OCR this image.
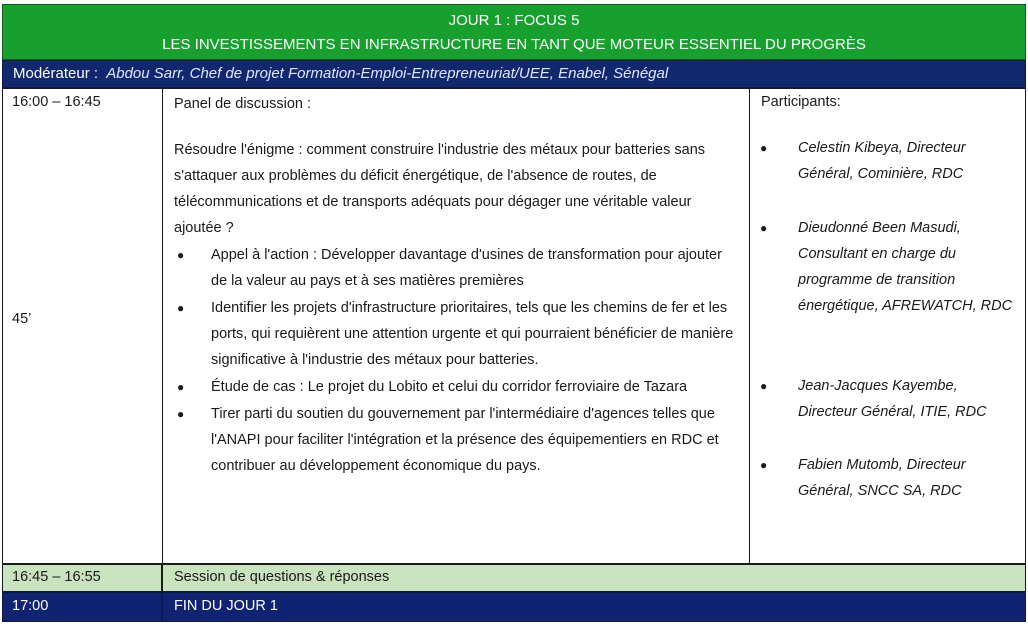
JOUR 1 : FOCUS 5
LES INVESTISSEMENTS EN INFRASTRUCTURE EN TANT QUE MOTEUR ESSENTIEL DU PROGRÈS
Modérateur : Abdou Sarr, Chef de projet Formation-Emploi-Entrepreneuriat/UEE, Enabel, Sénégal
16:00 – 16:45
45’

Panel de discussion :

Résoudre l'énigme : comment construire l'industrie des métaux pour batteries sans s'attaquer aux problèmes du déficit énergétique, de l'absence de routes, de télécommunications et de transports adéquats pour dégager une véritable valeur ajoutée ?

● Appel à l'action : Développer davantage d'usines de transformation pour ajouter de la valeur au pays et à ses matières premières
● Identifier les projets d'infrastructure prioritaires, tels que les chemins de fer et les ports, qui requièrent une attention urgente et qui pourraient bénéficier de manière significative à l'industrie des métaux pour batteries.
● Étude de cas : Le projet du Lobito et celui du corridor ferroviaire de Tazara
● Tirer parti du soutien du gouvernement par l'intermédiaire d'agences telles que l'ANAPI pour faciliter l'intégration et la présence des équipementiers en RDC et contribuer au développement économique du pays.
Participants:
● Celestin Kibeya, Directeur Général, Cominière, RDC
● Dieudonné Been Masudi, Consultant en charge du programme de transition énergétique, AFREWATCH, RDC
● Jean-Jacques Kayembe, Directeur Général, ITIE, RDC
● Fabien Mutomb, Directeur Général, SNCC SA, RDC
16:45 – 16:55	Session de questions & réponses
17:00	FIN DU JOUR 1
